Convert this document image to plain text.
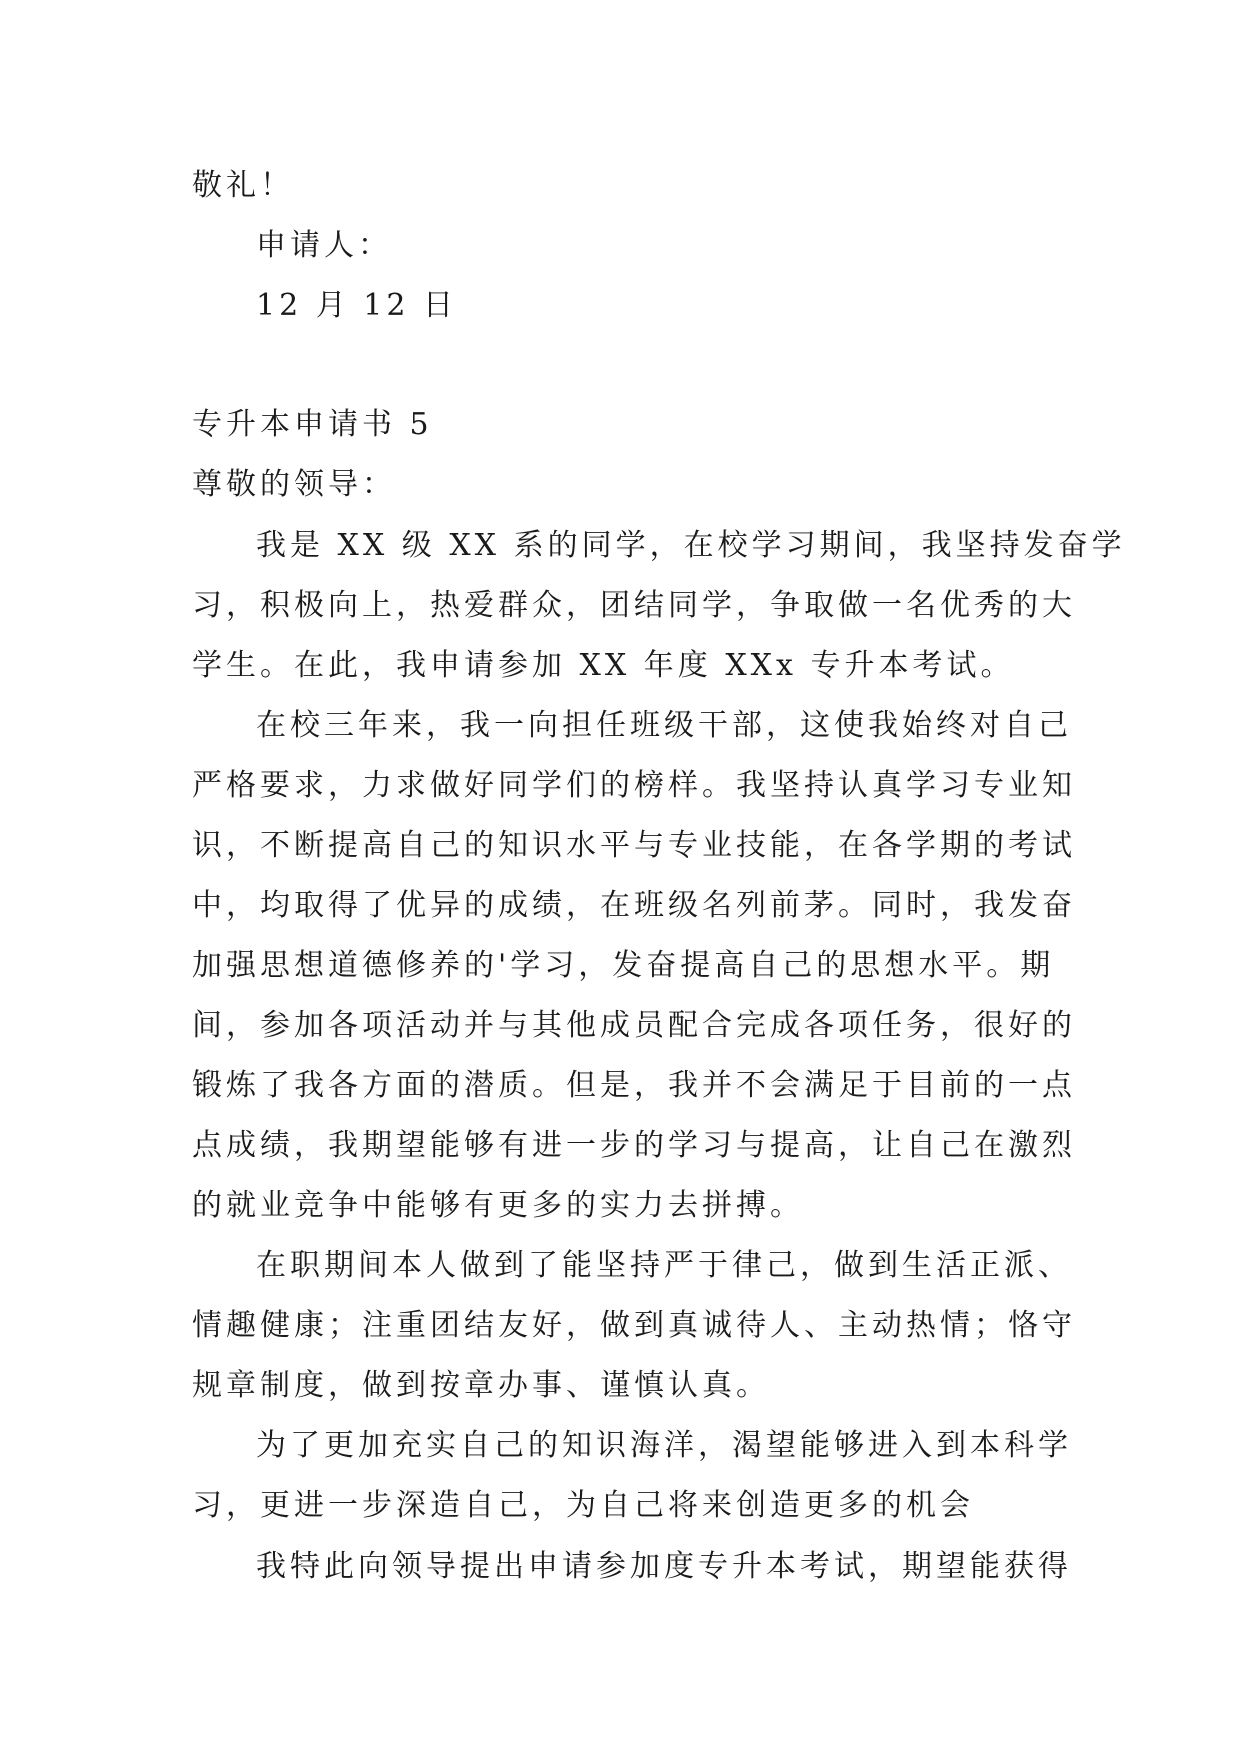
敬礼！
申请人：
12 月 12 日
专升本申请书 5
尊敬的领导：
我是 XX 级 XX 系的同学，在校学习期间，我坚持发奋学
习，积极向上，热爱群众，团结同学，争取做一名优秀的大
学生。在此，我申请参加 XX 年度 XXx 专升本考试。
在校三年来，我一向担任班级干部，这使我始终对自己
严格要求，力求做好同学们的榜样。我坚持认真学习专业知
识，不断提高自己的知识水平与专业技能，在各学期的考试
中，均取得了优异的成绩，在班级名列前茅。同时，我发奋
加强思想道德修养的'学习，发奋提高自己的思想水平。期
间，参加各项活动并与其他成员配合完成各项任务，很好的
锻炼了我各方面的潜质。但是，我并不会满足于目前的一点
点成绩，我期望能够有进一步的学习与提高，让自己在激烈
的就业竞争中能够有更多的实力去拼搏。
在职期间本人做到了能坚持严于律己，做到生活正派、
情趣健康；注重团结友好，做到真诚待人、主动热情；恪守
规章制度，做到按章办事、谨慎认真。
为了更加充实自己的知识海洋，渴望能够进入到本科学
习，更进一步深造自己，为自己将来创造更多的机会
我特此向领导提出申请参加度专升本考试，期望能获得
